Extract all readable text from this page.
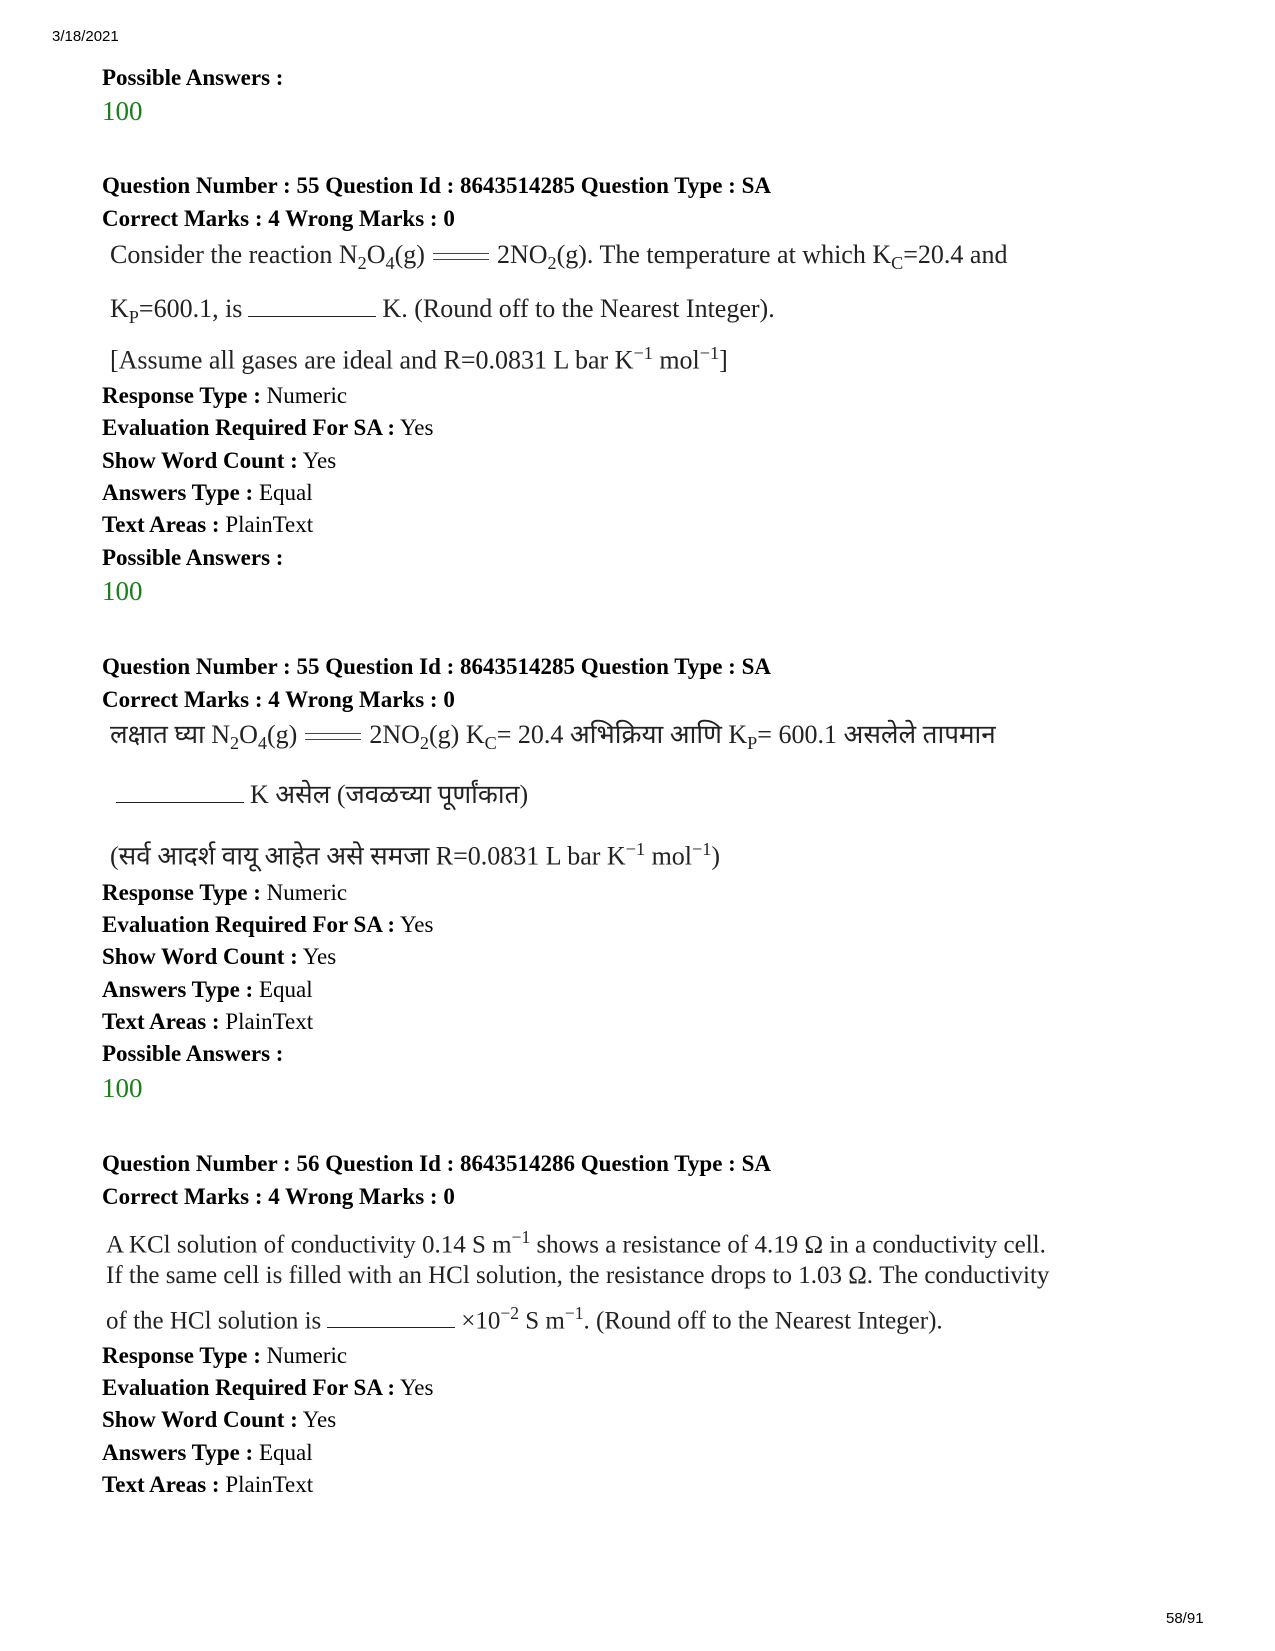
3/18/2021
Possible Answers :
100
Question Number : 55 Question Id : 8643514285 Question Type : SA
Correct Marks : 4 Wrong Marks : 0
Consider the reaction $N_2O_4(g)$	$2NO_2(g)$. The temperature at which $K_C=20.4$ and
$K_P=600.1$, is	K. (Round off to the Nearest Integer).
[Assume all gases are ideal and R=0.0831 L bar $K^{-1}$ mol$^{-1}$]
Response Type : Numeric
Evaluation Required For SA : Yes
Show Word Count : Yes
Answers Type : Equal
Text Areas : PlainText
Possible Answers :
100
Question Number : 55 Question Id : 8643514285 Question Type : SA
Correct Marks : 4 Wrong Marks : 0
लक्षात घ्या $N_2O_4(g)$	$2NO_2(g)$ $K_C= 20.4$ अभिक्रिया आणि $K_P= 600.1$ असलेले तापमान
K असेल (जवळच्या पूर्णांकात)
(सर्व आदर्श वायू आहेत असे समजा R=0.0831 L bar $K^{-1}$ mol$^{-1}$)
Response Type : Numeric
Evaluation Required For SA : Yes
Show Word Count : Yes
Answers Type : Equal
Text Areas : PlainText
Possible Answers :
100
Question Number : 56 Question Id : 8643514286 Question Type : SA
Correct Marks : 4 Wrong Marks : 0
A KCl solution of conductivity 0.14 S $m^{-1}$ shows a resistance of 4.19 Ω in a conductivity cell.
If the same cell is filled with an HCl solution, the resistance drops to 1.03 Ω. The conductivity
of the HCl solution is	$\times 10^{-2}$ S $m^{-1}$. (Round off to the Nearest Integer).
Response Type : Numeric
Evaluation Required For SA : Yes
Show Word Count : Yes
Answers Type : Equal
Text Areas : PlainText
58/91
